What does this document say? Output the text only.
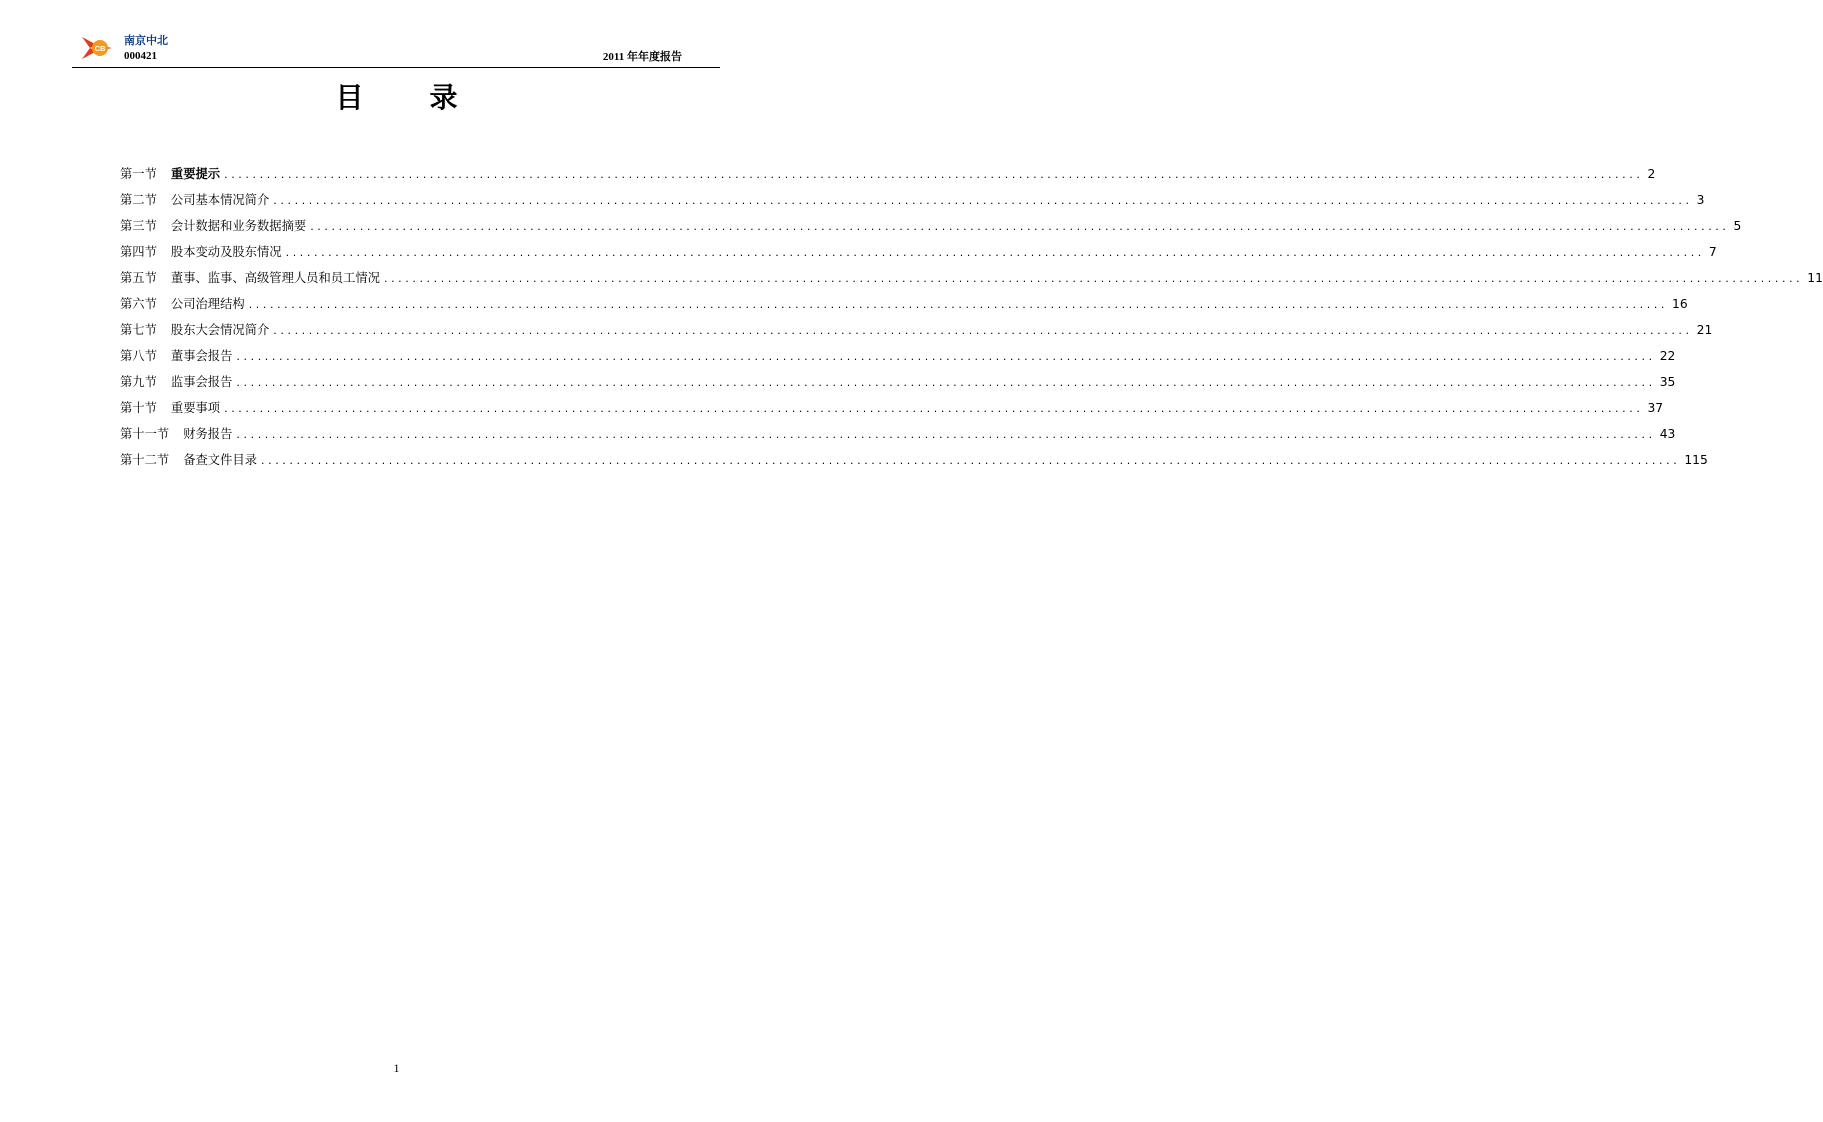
CB
南京中北
000421	2011 年年度报告
目 录
第一节 重要提示 ........................................................................................................................................................................................................ 2
第二节 公司基本情况简介 ........................................................................................................................................................................................................ 3
第三节 会计数据和业务数据摘要 ........................................................................................................................................................................................................ 5
第四节 股本变动及股东情况 ........................................................................................................................................................................................................ 7
第五节 董事、监事、高级管理人员和员工情况 ........................................................................................................................................................................................................ 11
第六节 公司治理结构 ........................................................................................................................................................................................................ 16
第七节 股东大会情况简介 ........................................................................................................................................................................................................ 21
第八节 董事会报告 ........................................................................................................................................................................................................ 22
第九节 监事会报告 ........................................................................................................................................................................................................ 35
第十节 重要事项 ........................................................................................................................................................................................................ 37
第十一节 财务报告 ........................................................................................................................................................................................................ 43
第十二节 备查文件目录 ........................................................................................................................................................................................................ 115
1
